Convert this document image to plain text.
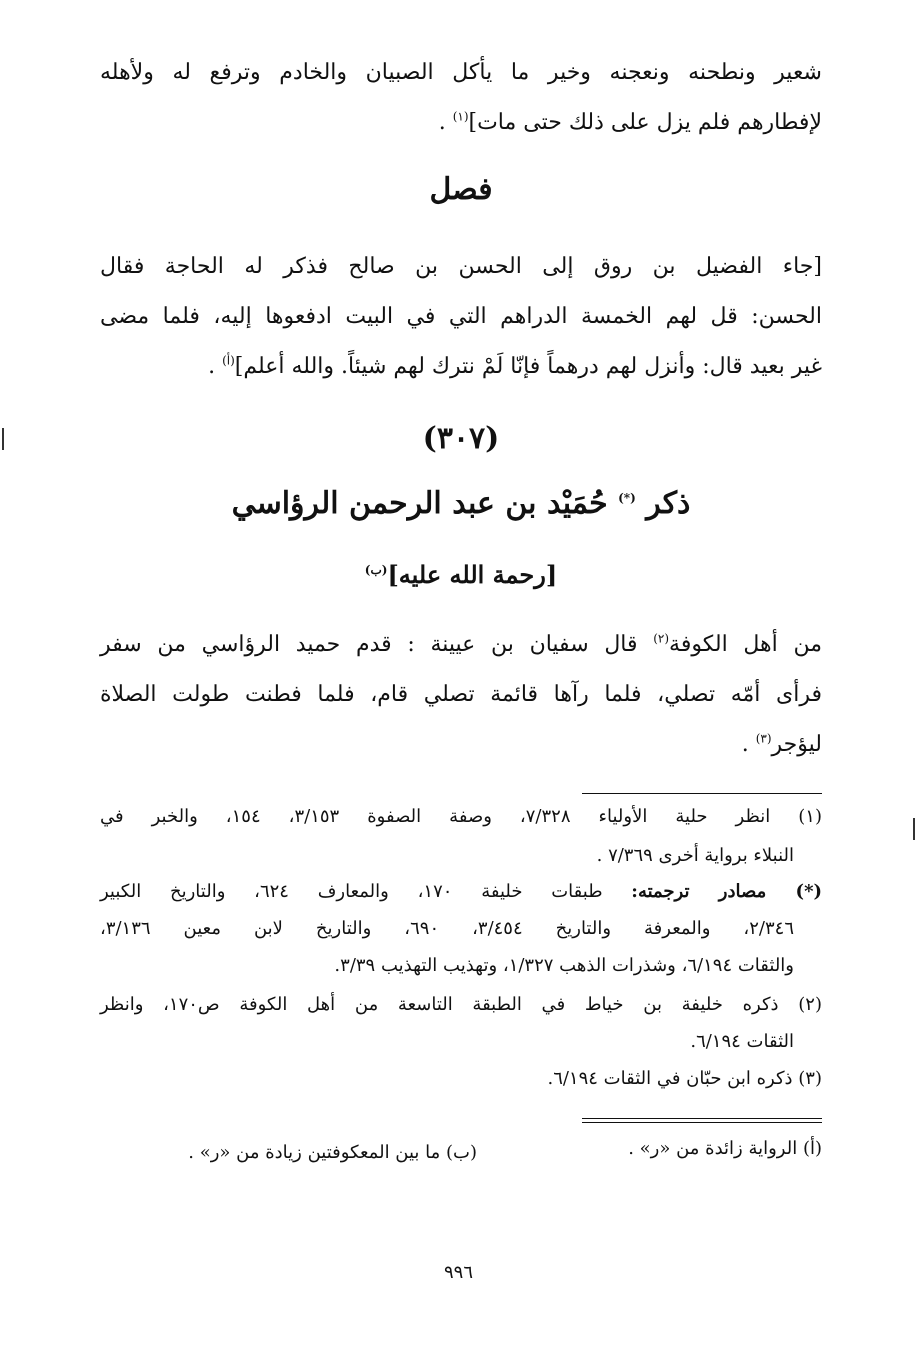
شعير ونطحنه ونعجنه وخير ما يأكل الصبيان والخادم وترفع له ولأهله
لإفطارهم فلم يزل على ذلك حتى مات]$^{(١)}$ .
فصل
[جاء الفضيل بن روق إلى الحسن بن صالح فذكر له الحاجة فقال
الحسن: قل لهم الخمسة الدراهم التي في البيت ادفعوها إليه، فلما مضى
غير بعيد قال: وأنزل لهم درهماً فإنّا لَمْ نترك لهم شيئاً. والله أعلم]$^{(أ)}$ .
(٣٠٧)
ذكر (*) حُمَيْد بن عبد الرحمن الرؤاسي
[رحمة الله عليه]$^{(ب)}$
من أهل الكوفة$^{(٢)}$ قال سفيان بن عيينة : قدم حميد الرؤاسي من سفر
فرأى أمّه تصلي، فلما رآها قائمة تصلي قام، فلما فطنت طولت الصلاة
ليؤجر$^{(٣)}$ .
(١) انظر حلية الأولياء ٧/٣٢٨، وصفة الصفوة ٣/١٥٣، ١٥٤، والخبر في
النبلاء برواية أخرى ٧/٣٦٩ .
(*) مصادر ترجمته: طبقات خليفة ١٧٠، والمعارف ٦٢٤، والتاريخ الكبير
٢/٣٤٦، والمعرفة والتاريخ ٣/٤٥٤، ٦٩٠، والتاريخ لابن معين ٣/١٣٦،
والثقات ٦/١٩٤، وشذرات الذهب ١/٣٢٧، وتهذيب التهذيب ٣/٣٩.
(٢) ذكره خليفة بن خياط في الطبقة التاسعة من أهل الكوفة ص١٧٠، وانظر
الثقات ٦/١٩٤.
(٣) ذكره ابن حبّان في الثقات ٦/١٩٤.
(أ) الرواية زائدة من «ر» .
(ب) ما بين المعكوفتين زيادة من «ر» .
٩٩٦
